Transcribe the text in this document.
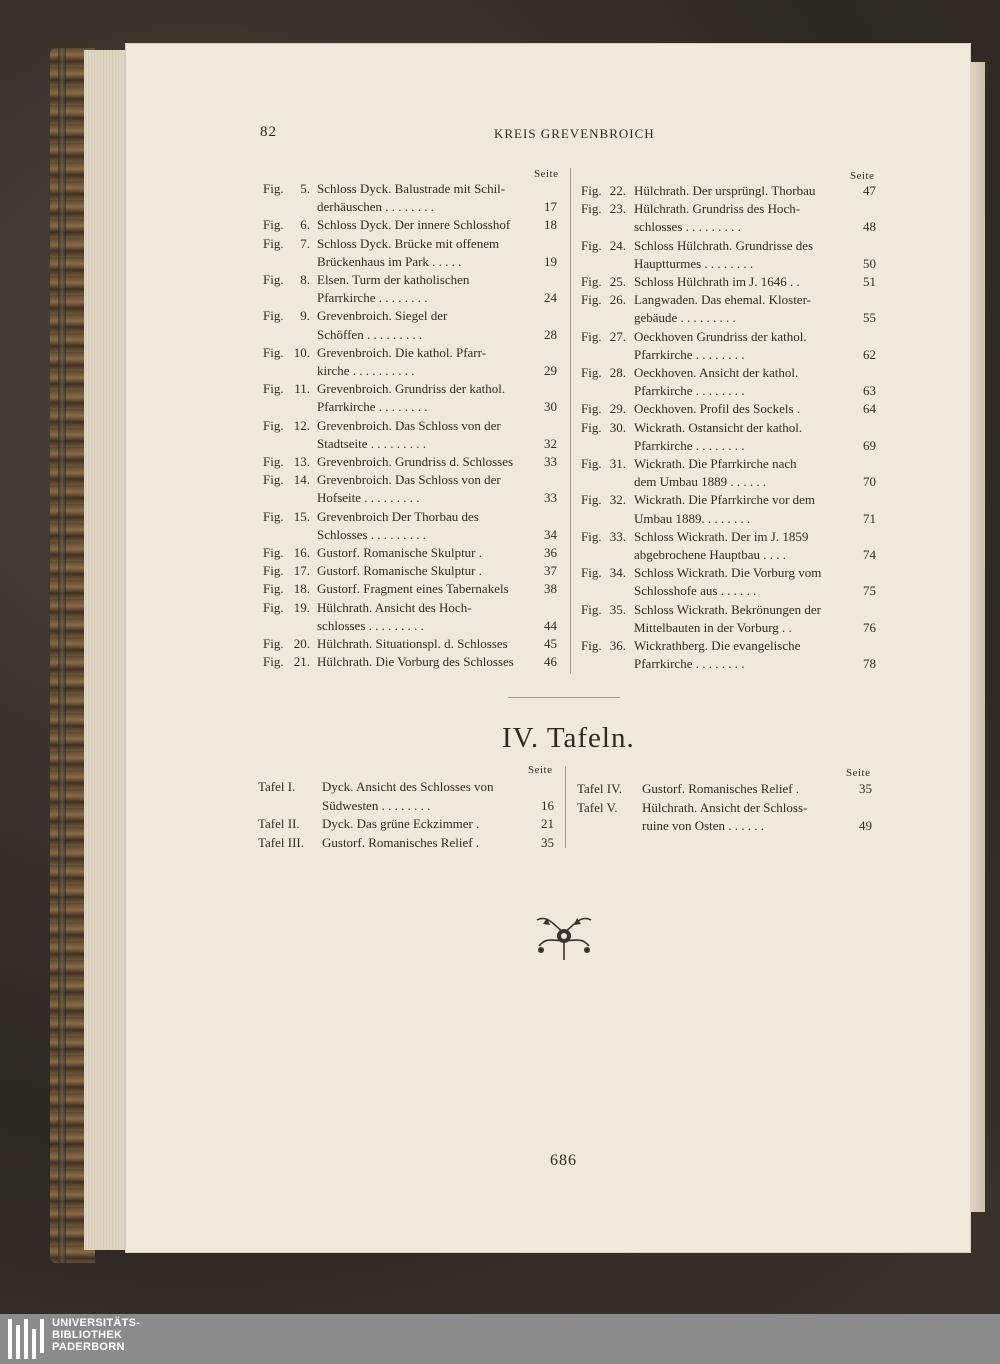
82	KREIS GREVENBROICH
Seite	Seite
Fig.	5. Schloss Dyck. Balustrade mit Schil-
derhäuschen . . . . . . . .	17
Fig.	6. Schloss Dyck. Der innere Schlosshof	18
Fig.	7. Schloss Dyck. Brücke mit offenem
Brückenhaus im Park . . . . .	19
Fig.	8. Elsen. Turm der katholischen
Pfarrkirche . . . . . . . .	24
Fig.	9. Grevenbroich. Siegel der
Schöffen . . . . . . . . .	28
Fig. 10. Grevenbroich. Die kathol. Pfarr-
kirche . . . . . . . . . .	29
Fig. 11. Grevenbroich. Grundriss der kathol.
Pfarrkirche . . . . . . . .	30
Fig. 12. Grevenbroich. Das Schloss von der
Stadtseite . . . . . . . . .	32
Fig. 13. Grevenbroich. Grundriss d. Schlosses	33
Fig. 14. Grevenbroich. Das Schloss von der
Hofseite . . . . . . . . .	33
Fig. 15. Grevenbroich Der Thorbau des
Schlosses . . . . . . . . .	34
Fig. 16. Gustorf. Romanische Skulptur .	36
Fig. 17. Gustorf. Romanische Skulptur .	37
Fig. 18. Gustorf. Fragment eines Tabernakels	38
Fig. 19. Hülchrath. Ansicht des Hoch-
schlosses . . . . . . . . .	44
Fig. 20. Hülchrath. Situationspl. d. Schlosses	45
Fig. 21. Hülchrath. Die Vorburg des Schlosses	46
Fig. 22. Hülchrath. Der ursprüngl. Thorbau	47
Fig. 23. Hülchrath. Grundriss des Hoch-
schlosses . . . . . . . . .	48
Fig. 24. Schloss Hülchrath. Grundrisse des
Hauptturmes . . . . . . . .	50
Fig. 25. Schloss Hülchrath im J. 1646 . .	51
Fig. 26. Langwaden. Das ehemal. Kloster-
gebäude . . . . . . . . .	55
Fig. 27. Oeckhoven Grundriss der kathol.
Pfarrkirche . . . . . . . .	62
Fig. 28. Oeckhoven. Ansicht der kathol.
Pfarrkirche . . . . . . . .	63
Fig. 29. Oeckhoven. Profil des Sockels .	64
Fig. 30. Wickrath. Ostansicht der kathol.
Pfarrkirche . . . . . . . .	69
Fig. 31. Wickrath. Die Pfarrkirche nach
dem Umbau 1889 . . . . . .	70
Fig. 32. Wickrath. Die Pfarrkirche vor dem
Umbau 1889. . . . . . . .	71
Fig. 33. Schloss Wickrath. Der im J. 1859
abgebrochene Hauptbau . . . .	74
Fig. 34. Schloss Wickrath. Die Vorburg vom
Schlosshofe aus . . . . . .	75
Fig. 35. Schloss Wickrath. Bekrönungen der
Mittelbauten in der Vorburg . .	76
Fig. 36. Wickrathberg. Die evangelische
Pfarrkirche . . . . . . . .	78
IV. Tafeln.
Seite	Seite
Tafel I. Dyck. Ansicht des Schlosses von
Südwesten . . . . . . . .	16
Tafel II. Dyck. Das grüne Eckzimmer .	21
Tafel III. Gustorf. Romanisches Relief .	35
Tafel IV. Gustorf. Romanisches Relief .	35
Tafel V. Hülchrath. Ansicht der Schloss-
ruine von Osten . . . . . .	49
686
UNIVERSITÄTS-
BIBLIOTHEK
PADERBORN
